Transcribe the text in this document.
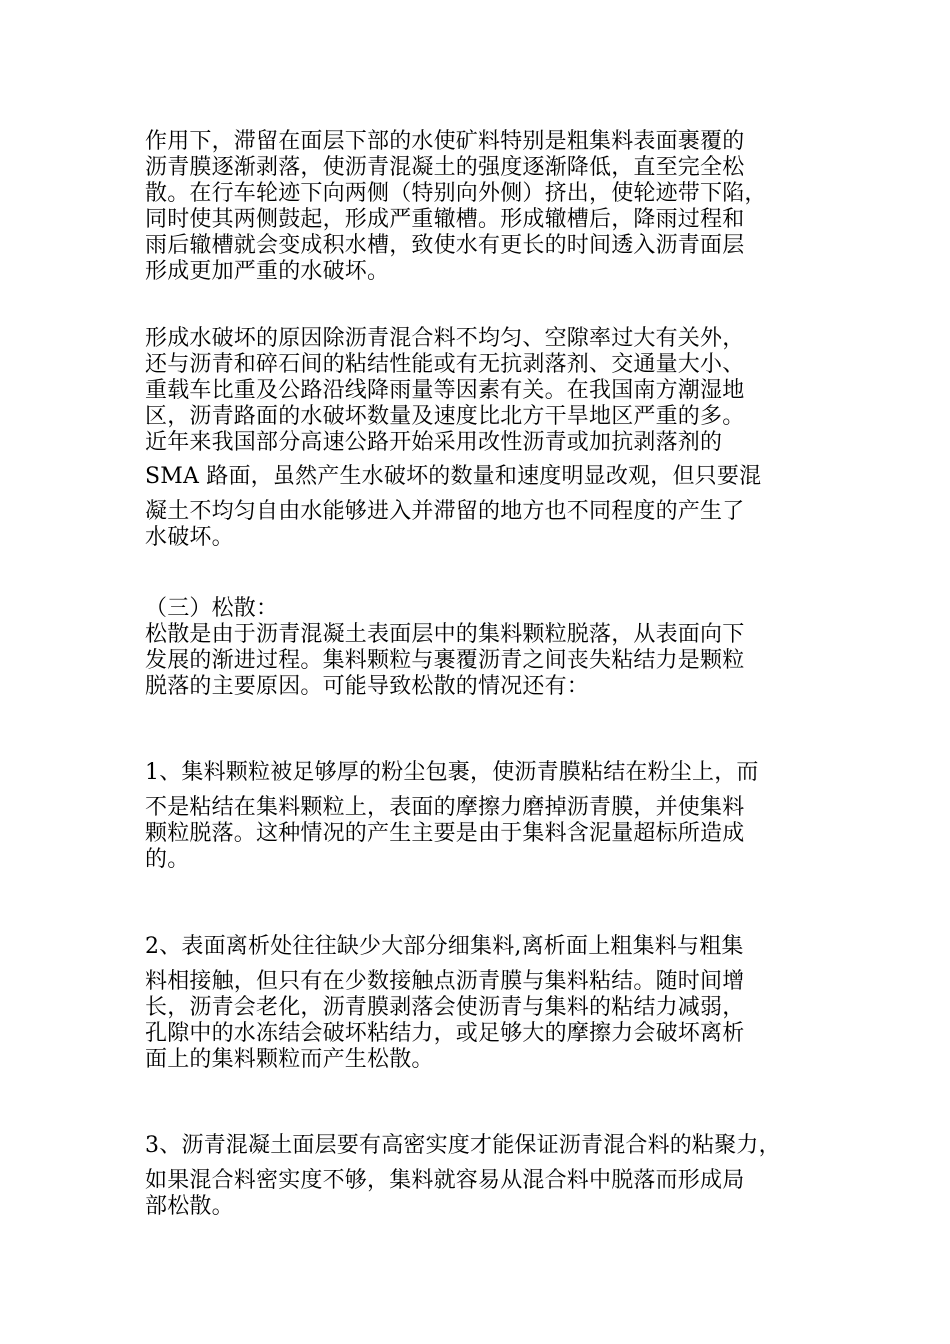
作用下，滞留在面层下部的水使矿料特别是粗集料表面裹覆的
沥青膜逐渐剥落，使沥青混凝土的强度逐渐降低，直至完全松
散。在行车轮迹下向两侧（特别向外侧）挤出，使轮迹带下陷，
同时使其两侧鼓起，形成严重辙槽。形成辙槽后，降雨过程和
雨后辙槽就会变成积水槽，致使水有更长的时间透入沥青面层
形成更加严重的水破坏。
形成水破坏的原因除沥青混合料不均匀、空隙率过大有关外，
还与沥青和碎石间的粘结性能或有无抗剥落剂、交通量大小、
重载车比重及公路沿线降雨量等因素有关。在我国南方潮湿地
区，沥青路面的水破坏数量及速度比北方干旱地区严重的多。
近年来我国部分高速公路开始采用改性沥青或加抗剥落剂的
SMA 路面，虽然产生水破坏的数量和速度明显改观，但只要混
凝土不均匀自由水能够进入并滞留的地方也不同程度的产生了
水破坏。
（三）松散：
松散是由于沥青混凝土表面层中的集料颗粒脱落，从表面向下
发展的渐进过程。集料颗粒与裹覆沥青之间丧失粘结力是颗粒
脱落的主要原因。可能导致松散的情况还有：
1、集料颗粒被足够厚的粉尘包裹，使沥青膜粘结在粉尘上，而
不是粘结在集料颗粒上，表面的摩擦力磨掉沥青膜，并使集料
颗粒脱落。这种情况的产生主要是由于集料含泥量超标所造成
的。
2、表面离析处往往缺少大部分细集料,离析面上粗集料与粗集
料相接触，但只有在少数接触点沥青膜与集料粘结。随时间增
长，沥青会老化，沥青膜剥落会使沥青与集料的粘结力减弱，
孔隙中的水冻结会破坏粘结力，或足够大的摩擦力会破坏离析
面上的集料颗粒而产生松散。
3、沥青混凝土面层要有高密实度才能保证沥青混合料的粘聚力，
如果混合料密实度不够，集料就容易从混合料中脱落而形成局
部松散。
